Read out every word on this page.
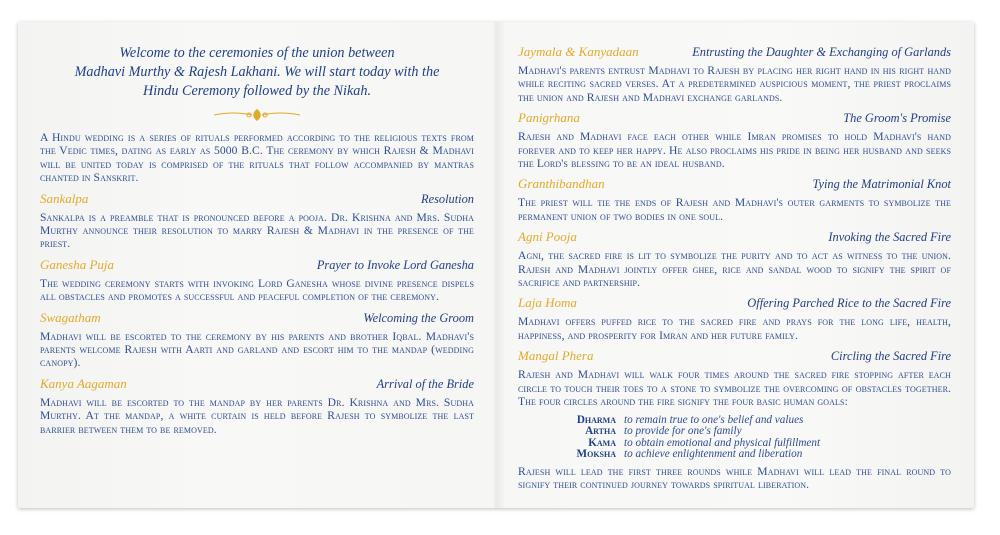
Welcome to the ceremonies of the union between
Madhavi Murthy & Rajesh Lakhani. We will start today with the
Hindu Ceremony followed by the Nikah.

A Hindu wedding is a series of rituals performed according to the religious texts from the Vedic times, dating as early as 5000 B.C. The ceremony by which Rajesh & Madhavi will be united today is comprised of the rituals that follow accompanied by mantras chanted in Sanskrit.

Sankalpa	Resolution

Sankalpa is a preamble that is pronounced before a pooja. Dr. Krishna and Mrs. Sudha Murthy announce their resolution to marry Rajesh & Madhavi in the presence of the priest.

Ganesha Puja	Prayer to Invoke Lord Ganesha

The wedding ceremony starts with invoking Lord Ganesha whose divine presence dispels all obstacles and promotes a successful and peaceful completion of the ceremony.

Swagatham	Welcoming the Groom

Madhavi will be escorted to the ceremony by his parents and brother Iqbal. Madhavi's parents welcome Rajesh with Aarti and garland and escort him to the mandap (wedding canopy).

Kanya Aagaman	Arrival of the Bride

Madhavi will be escorted to the mandap by her parents Dr. Krishna and Mrs. Sudha Murthy. At the mandap, a white curtain is held before Rajesh to symbolize the last barrier between them to be removed.

Jaymala & Kanyadaan	Entrusting the Daughter & Exchanging of Garlands

Madhavi's parents entrust Madhavi to Rajesh by placing her right hand in his right hand while reciting sacred verses. At a predetermined auspicious moment, the priest proclaims the union and Rajesh and Madhavi exchange garlands.

Panigrhana	The Groom's Promise

Rajesh and Madhavi face each other while Imran promises to hold Madhavi's hand forever and to keep her happy. He also proclaims his pride in being her husband and seeks the Lord's blessing to be an ideal husband.

Granthibandhan	Tying the Matrimonial Knot

The priest will tie the ends of Rajesh and Madhavi's outer garments to symbolize the permanent union of two bodies in one soul.

Agni Pooja	Invoking the Sacred Fire

Agni, the sacred fire is lit to symbolize the purity and to act as witness to the union. Rajesh and Madhavi jointly offer ghee, rice and sandal wood to signify the spirit of sacrifice and partnership.

Laja Homa	Offering Parched Rice to the Sacred Fire

Madhavi offers puffed rice to the sacred fire and prays for the long life, health, happiness, and prosperity for Imran and her future family.

Mangal Phera	Circling the Sacred Fire

Rajesh and Madhavi will walk four times around the sacred fire stopping after each circle to touch their toes to a stone to symbolize the overcoming of obstacles together. The four circles around the fire signify the four basic human goals:

Dharma to remain true to one's belief and values
Artha to provide for one's family
Kama to obtain emotional and physical fulfillment
Moksha to achieve enlightenment and liberation

Rajesh will lead the first three rounds while Madhavi will lead the final round to signify their continued journey towards spiritual liberation.
